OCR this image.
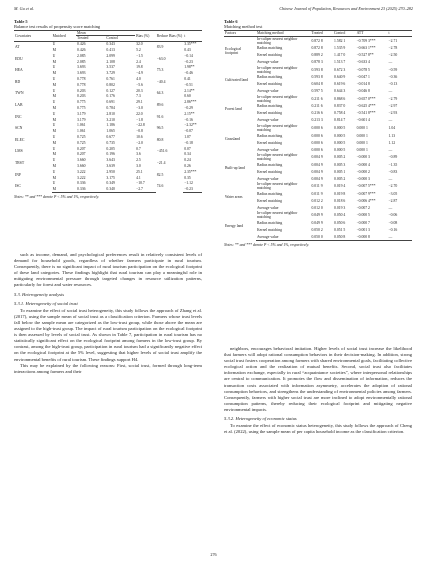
M. Gu et al.	Chinese Journal of Population, Resources and Environment 23 (2025) 270–282
Table 5
Balance test results of propensity score matching
Covariates	Matched	Mean		Bias (%)	Reduce Bias (%)	t
		Treated	Control			
AT	U	0.426	0.343	32.0	83.9	3.35***
	M	0.426	0.413	5.2		0.43
EDU	U	2.085	2.099	−1.5	−63.0	−0.14
	M	2.085	2.108	2.4		−0.23
HEA	U	3.693	3.537	19.8	75.3	1.98**
	M	3.693	3.729	−4.9		−0.46
RD	U	0.778	0.761	4.0	−40.4	0.41
	M	0.778	0.802	−5.6		−0.51
TWN	U	0.203	0.127	20.3	64.3	2.14**
	M	0.203	0.176	7.3		0.60
LAB	U	0.775	0.691	29.1	89.6	2.86***
	M	0.775	0.784	−3.0		−0.29
INC	U	3.179	2.810	22.0	91.6	2.15**
	M	3.179	3.210	−1.8		−0.16
SCN	U	1.061	1.186	−22.8	96.5	−2.32**
	M	1.061	1.065	−0.8		−0.07
ELEC	U	0.725	0.677	10.6	80.8	1.07
	M	0.725	0.735	−2.0		−0.18
LMS	U	0.207	0.205	0.7	−451.6	0.07
	M	0.207	0.196	3.6		0.34
TRST	U	3.660	3.643	2.5	−21.4	0.24
	M	3.660	3.639	3.0		0.26
INF	U	3.222	2.950	25.1	82.5	2.35***
	M	3.222	3.175	4.1		0.35
ISC	U	0.336	0.349	−10.7	74.6	−1.12
	M	0.336	0.340	−2.7		−0.23
Notes: ** and *** denote P < 5% and 1%, respectively.
Table 6
Matching method test
Factors	Matching method	Treated	Control	ATT	t
Ecological footprint	In-caliper nearest neighbor matching	0.872 8	1.582 1	−0.709 3***	−2.71
	Radius matching	0.872 8	1.535 9	−0.663 1***	−2.78
	Kernel matching	0.889 2	1.417 0	−0.527 8**	−2.50
	Average value	0.878 3	1.513 7	−0.633 4	—
Cultivated land	In-caliper nearest neighbor matching	0.593 8	0.672 3	−0.078 5	−0.59
	Radius matching	0.593 8	0.640 9	−0.047 1	−0.36
	Kernel matching	0.604 8	0.619 6	−0.014 8	−0.13
	Average value	0.597 5	0.644 3	−0.046 8	—
Forest land	In-caliper nearest neighbor matching	0.211 6	0.868 6	−0.657 0***	−2.79
	Radius matching	0.211 6	0.837 0	−0.625 4***	−2.97
	Kernel matching	0.216 6	0.758 4	−0.541 8***	−2.93
	Average value	0.213 3	0.814 7	−0.601 4	—
Grassland	In-caliper nearest neighbor matching	0.000 6	0.000 5	0.000 1	1.04
	Radius matching	0.000 6	0.000 5	0.000 1	1.13
	Kernel matching	0.000 6	0.000 5	0.000 1	1.12
	Average value	0.000 6	0.000 5	0.000 1	—
Built-up land	In-caliper nearest neighbor matching	0.004 9	0.005 2	−0.000 3	−0.89
	Radius matching	0.004 9	0.005 3	−0.000 4	−1.35
	Kernel matching	0.004 9	0.005 1	−0.000 2	−0.83
	Average value	0.004 9	0.005 2	−0.000 3	—
Water areas	In-caliper nearest neighbor matching	0.011 9	0.019 4	−0.007 5***	−2.70
	Radius matching	0.011 9	0.019 8	−0.007 9***	−3.05
	Kernel matching	0.012 2	0.018 6	−0.006 4***	−2.87
	Average value	0.012 0	0.019 3	−0.007 2	—
Energy land	In-caliper nearest neighbor matching	0.049 9	0.050 4	−0.000 5	−0.06
	Radius matching	0.049 9	0.050 6	−0.000 7	−0.08
	Kernel matching	0.050 2	0.051 5	−0.001 3	−0.16
	Average value	0.050 0	0.050 8	−0.000 8	—
Notes: ** and *** denote P < 5% and 1%, respectively.

such as income, demand, and psychological preferences result in relatively consistent levels of demand for household goods, regardless of whether farmers participate in rural tourism. Consequently, there is no significant impact of rural tourism participation on the ecological footprint of these land categories. These findings highlight that rural tourism can play a meaningful role in mitigating environmental pressure through targeted changes in resource utilization patterns, particularly for forest and water resources.

5.3. Heterogeneity analysis
5.3.1. Heterogeneity of social trust

To examine the effect of social trust heterogeneity, this study follows the approach of Zhang et al. (2017), using the sample mean of social trust as a classification criterion. Farmers whose trust levels fall below the sample mean are categorized as the low-trust group, while those above the mean are assigned to the high-trust group. The impact of rural tourism participation on the ecological footprint is then assessed by levels of social trust. As shown in Table 7, participation in rural tourism has no statistically significant effect on the ecological footprint among farmers in the low-trust group. By contrast, among the high-trust group, participation in rural tourism had a significantly negative effect on the ecological footprint at the 5% level, suggesting that higher levels of social trust amplify the environmental benefits of rural tourism. These findings support H4.

This may be explained by the following reasons: First, social trust, formed through long-term interactions among farmers and their

neighbors, encourages behavioral imitation. Higher levels of social trust increase the likelihood that farmers will adopt rational consumption behaviors in their decision-making. In addition, strong social trust fosters cooperation among farmers with shared environmental goals, facilitating collective ecological action and the realization of mutual benefits. Second, social trust also facilitates information exchange, especially in rural “acquaintance societies”, where interpersonal relationships are central to communication. It promotes the flow and dissemination of information, reduces the transaction costs associated with information asymmetry, accelerates the adoption of rational consumption behaviors, and strengthens the understanding of environmental policies among farmers. Consequently, farmers with higher social trust are more inclined to adopt environmentally rational consumption patterns, thereby reducing their ecological footprint and mitigating negative environmental impacts.

5.3.2. Heterogeneity of economic status

To examine the effect of economic status heterogeneity, this study follows the approach of Cheng et al. (2022), using the sample mean of per capita household income as the classification criterion.

276
